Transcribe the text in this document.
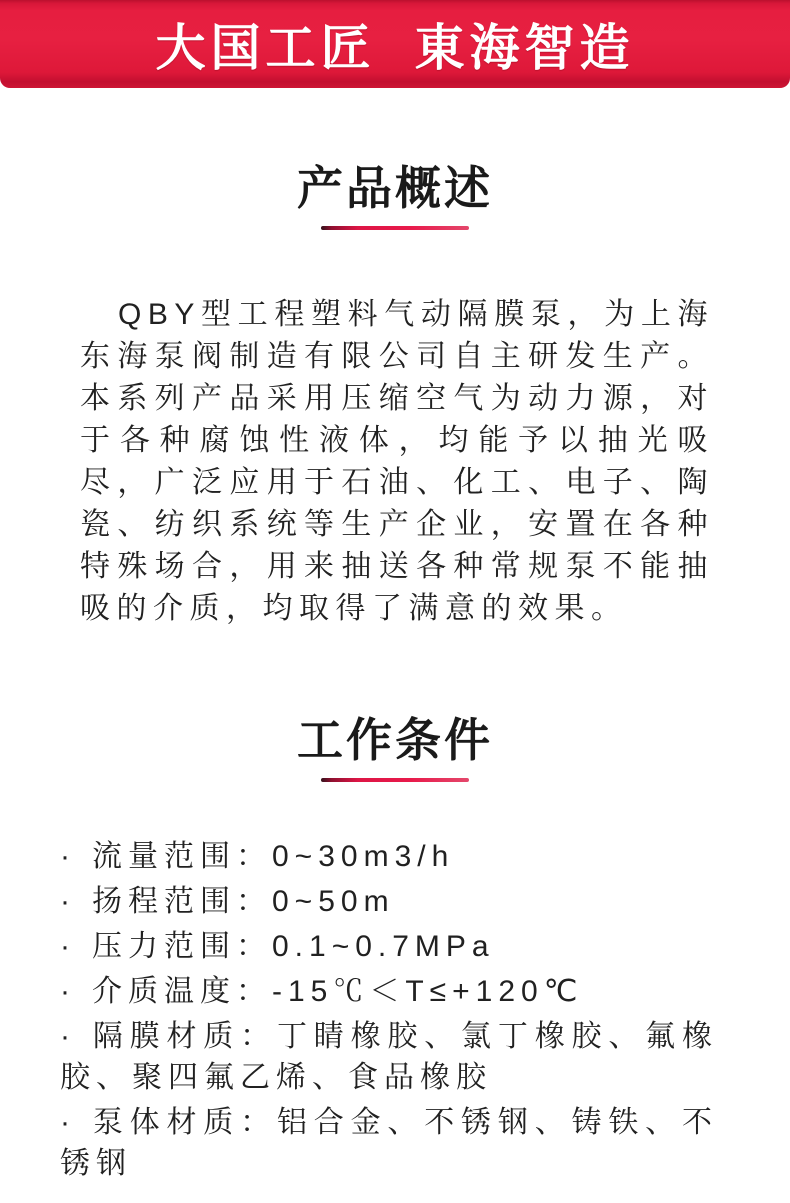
大国工匠 東海智造
产品概述

QBY型工程塑料气动隔膜泵，为上海东海泵阀制造有限公司自主研发生产。本系列产品采用压缩空气为动力源，对于各种腐蚀性液体，均能予以抽光吸尽，广泛应用于石油、化工、电子、陶瓷、纺织系统等生产企业，安置在各种特殊场合，用来抽送各种常规泵不能抽吸的介质，均取得了满意的效果。

工作条件
· 流量范围：0~30m3/h
· 扬程范围：0~50m
· 压力范围：0.1~0.7MPa
· 介质温度：-15℃＜T≤+120℃
· 隔膜材质：丁睛橡胶、氯丁橡胶、氟橡胶、聚四氟乙烯、食品橡胶
· 泵体材质：铝合金、不锈钢、铸铁、不锈钢
